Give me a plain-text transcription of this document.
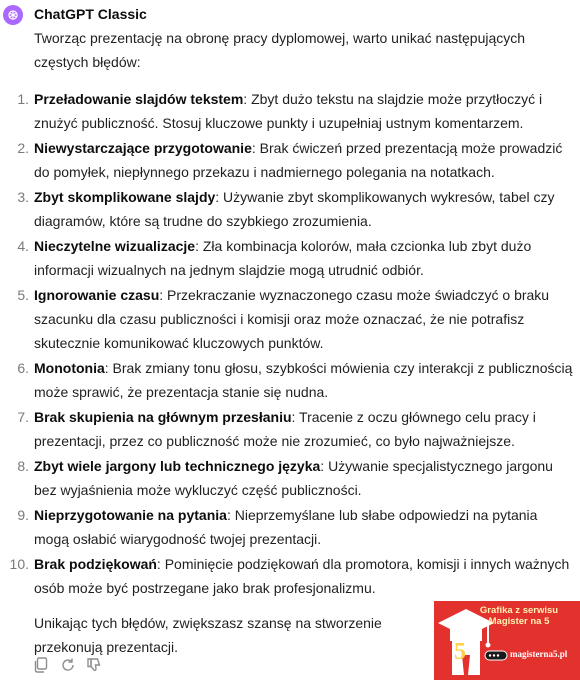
ChatGPT Classic

Tworząc prezentację na obronę pracy dyplomowej, warto unikać następujących częstych błędów:

1. Przeładowanie slajdów tekstem: Zbyt dużo tekstu na slajdzie może przytłoczyć i znużyć publiczność. Stosuj kluczowe punkty i uzupełniaj ustnym komentarzem.
2. Niewystarczające przygotowanie: Brak ćwiczeń przed prezentacją może prowadzić do pomyłek, niepłynnego przekazu i nadmiernego polegania na notatkach.
3. Zbyt skomplikowane slajdy: Używanie zbyt skomplikowanych wykresów, tabel czy diagramów, które są trudne do szybkiego zrozumienia.
4. Nieczytelne wizualizacje: Zła kombinacja kolorów, mała czcionka lub zbyt dużo informacji wizualnych na jednym slajdzie mogą utrudnić odbiór.
5. Ignorowanie czasu: Przekraczanie wyznaczonego czasu może świadczyć o braku szacunku dla czasu publiczności i komisji oraz może oznaczać, że nie potrafisz skutecznie komunikować kluczowych punktów.
6. Monotonia: Brak zmiany tonu głosu, szybkości mówienia czy interakcji z publicznością może sprawić, że prezentacja stanie się nudna.
7. Brak skupienia na głównym przesłaniu: Tracenie z oczu głównego celu pracy i prezentacji, przez co publiczność może nie zrozumieć, co było najważniejsze.
8. Zbyt wiele jargony lub technicznego języka: Używanie specjalistycznego jargonu bez wyjaśnienia może wykluczyć część publiczności.
9. Nieprzygotowanie na pytania: Nieprzemyślane lub słabe odpowiedzi na pytania mogą osłabić wiarygodność twojej prezentacji.
10. Brak podziękowań: Pominięcie podziękowań dla promotora, komisji i innych ważnych osób może być postrzegane jako brak profesjonalizmu.

Unikając tych błędów, zwiększasz szansę na stworzenie przekonują prezentacji.

Grafika z serwisu
Magister na 5
5	magisterna5.pl
